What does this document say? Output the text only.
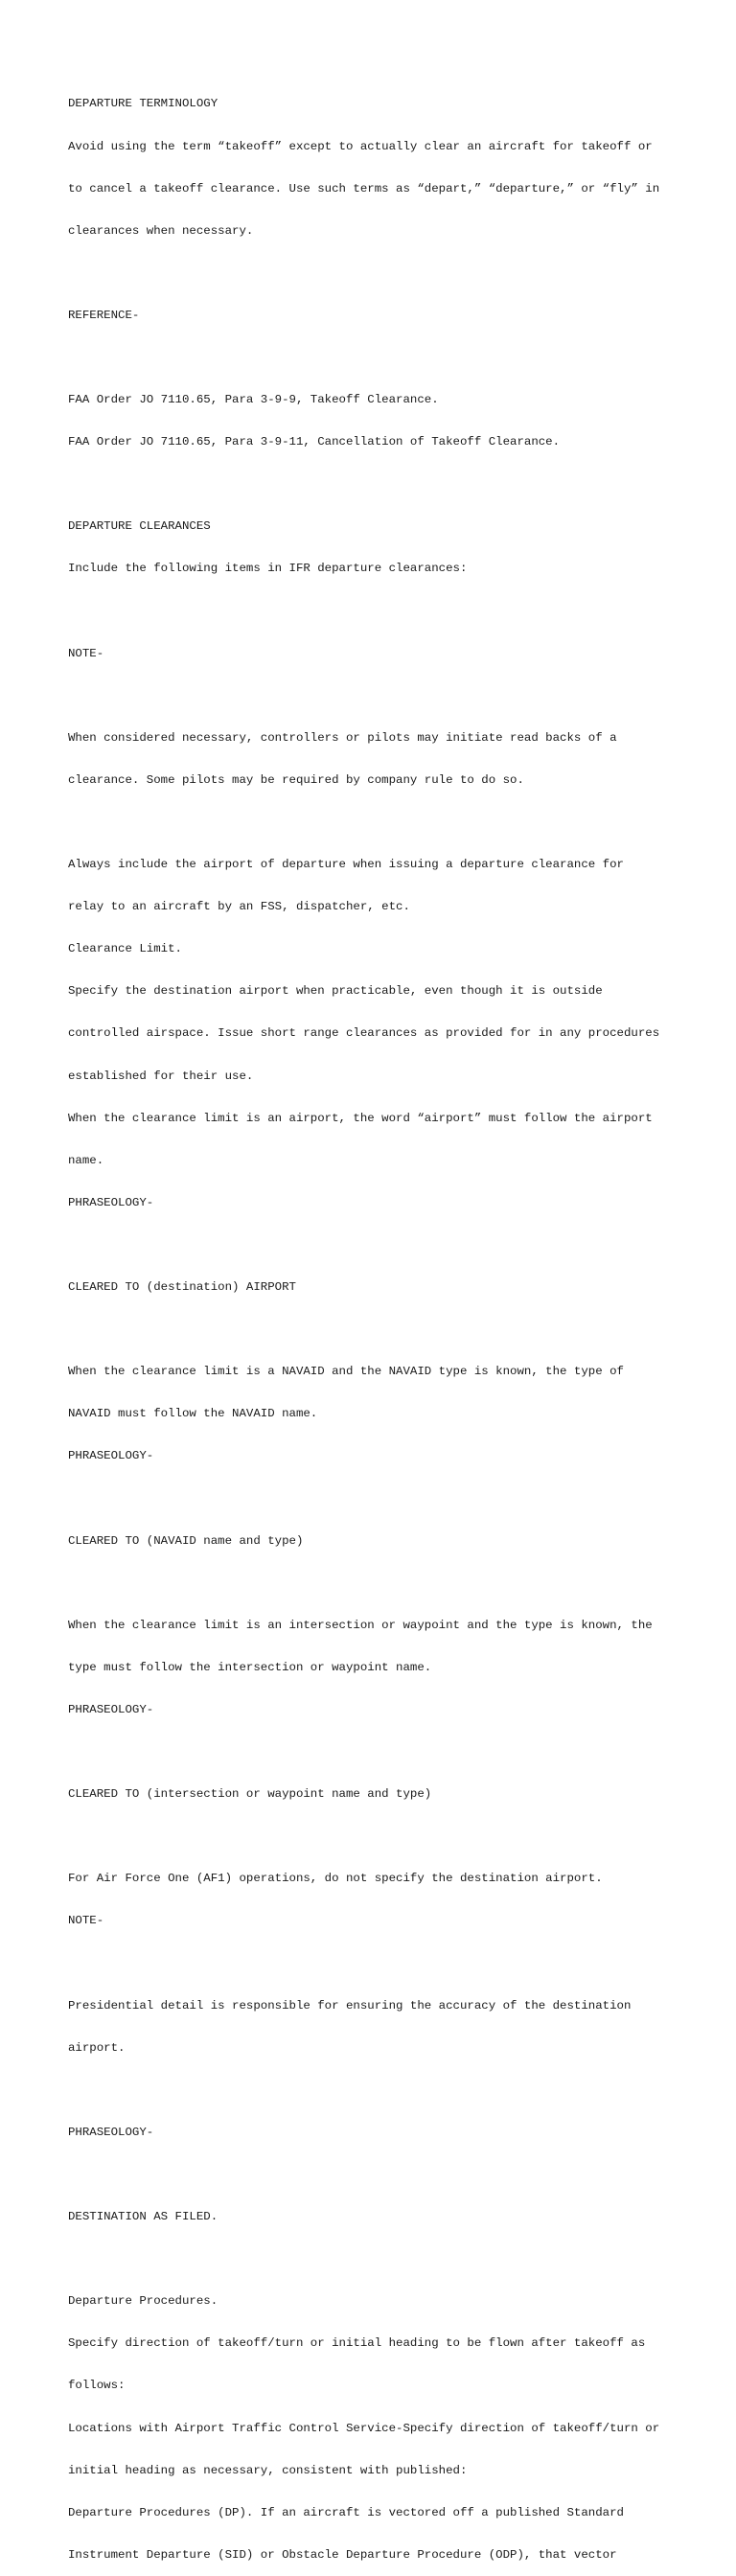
DEPARTURE TERMINOLOGY

Avoid using the term “takeoff” except to actually clear an aircraft for takeoff or

to cancel a takeoff clearance. Use such terms as “depart,” “departure,” or “fly” in

clearances when necessary.

REFERENCE-

FAA Order JO 7110.65, Para 3-9-9, Takeoff Clearance.

FAA Order JO 7110.65, Para 3-9-11, Cancellation of Takeoff Clearance.

DEPARTURE CLEARANCES

Include the following items in IFR departure clearances:

NOTE-

When considered necessary, controllers or pilots may initiate read backs of a

clearance. Some pilots may be required by company rule to do so.

Always include the airport of departure when issuing a departure clearance for

relay to an aircraft by an FSS, dispatcher, etc.

Clearance Limit.

Specify the destination airport when practicable, even though it is outside

controlled airspace. Issue short range clearances as provided for in any procedures

established for their use.

When the clearance limit is an airport, the word “airport” must follow the airport

name.

PHRASEOLOGY-

CLEARED TO (destination) AIRPORT

When the clearance limit is a NAVAID and the NAVAID type is known, the type of

NAVAID must follow the NAVAID name.

PHRASEOLOGY-

CLEARED TO (NAVAID name and type)

When the clearance limit is an intersection or waypoint and the type is known, the

type must follow the intersection or waypoint name.

PHRASEOLOGY-

CLEARED TO (intersection or waypoint name and type)

For Air Force One (AF1) operations, do not specify the destination airport.

NOTE-

Presidential detail is responsible for ensuring the accuracy of the destination

airport.

PHRASEOLOGY-

DESTINATION AS FILED.

Departure Procedures.

Specify direction of takeoff/turn or initial heading to be flown after takeoff as

follows:

Locations with Airport Traffic Control Service-Specify direction of takeoff/turn or

initial heading as necessary, consistent with published:

Departure Procedures (DP). If an aircraft is vectored off a published Standard

Instrument Departure (SID) or Obstacle Departure Procedure (ODP), that vector
